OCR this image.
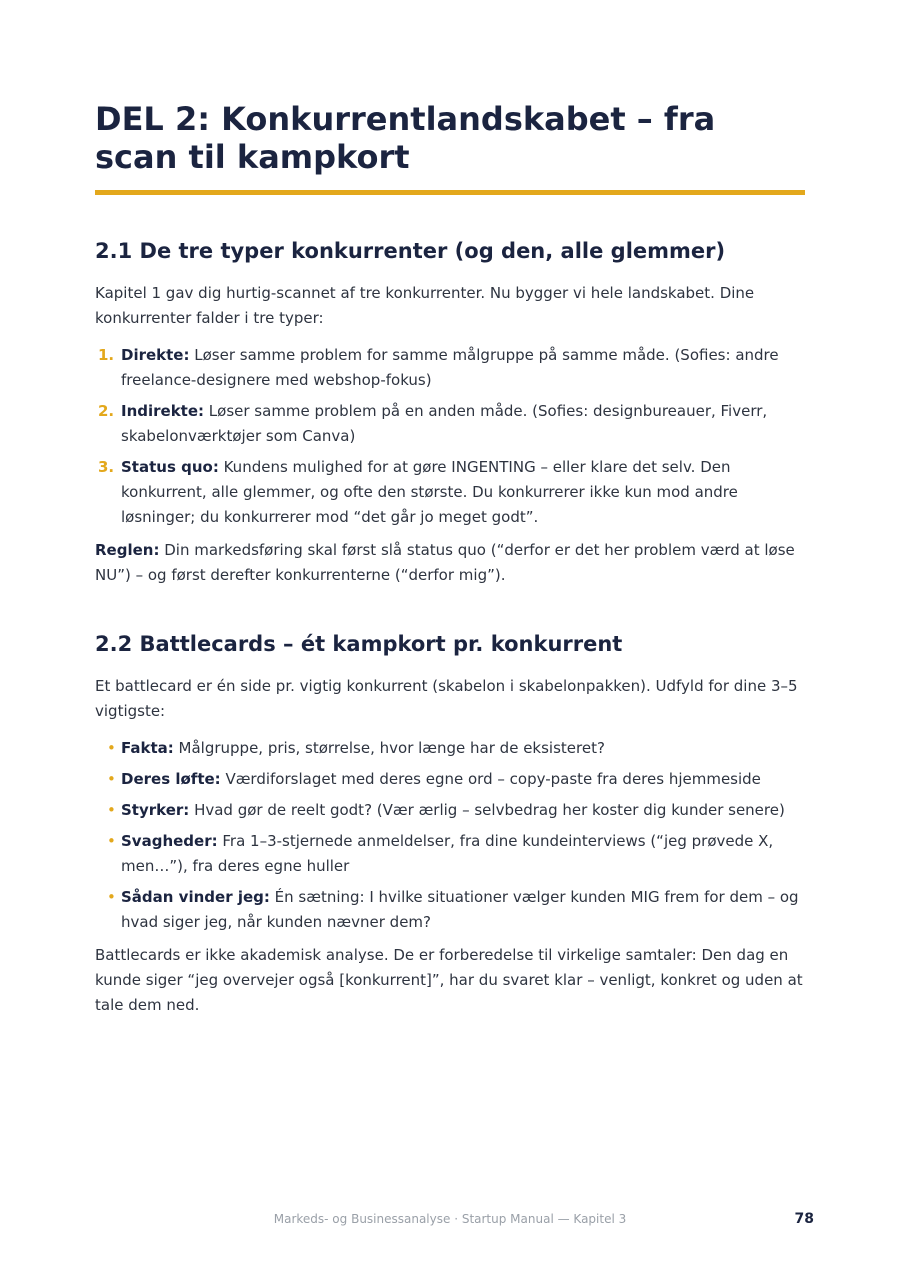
DEL 2: Konkurrentlandskabet – fra scan til kampkort
2.1 De tre typer konkurrenter (og den, alle glemmer)

Kapitel 1 gav dig hurtig-scannet af tre konkurrenter. Nu bygger vi hele landskabet. Dine konkurrenter falder i tre typer:

1. Direkte: Løser samme problem for samme målgruppe på samme måde. (Sofies: andre freelance-designere med webshop-fokus)
2. Indirekte: Løser samme problem på en anden måde. (Sofies: designbureauer, Fiverr, skabelonværktøjer som Canva)
3. Status quo: Kundens mulighed for at gøre INGENTING – eller klare det selv. Den konkurrent, alle glemmer, og ofte den største. Du konkurrerer ikke kun mod andre løsninger; du konkurrerer mod “det går jo meget godt”.

Reglen: Din markedsføring skal først slå status quo (“derfor er det her problem værd at løse NU”) – og først derefter konkurrenterne (“derfor mig”).

2.2 Battlecards – ét kampkort pr. konkurrent

Et battlecard er én side pr. vigtig konkurrent (skabelon i skabelonpakken). Udfyld for dine 3–5 vigtigste:

• Fakta: Målgruppe, pris, størrelse, hvor længe har de eksisteret?
• Deres løfte: Værdiforslaget med deres egne ord – copy-paste fra deres hjemmeside
• Styrker: Hvad gør de reelt godt? (Vær ærlig – selvbedrag her koster dig kunder senere)
• Svagheder: Fra 1–3-stjernede anmeldelser, fra dine kundeinterviews (“jeg prøvede X, men…”), fra deres egne huller
• Sådan vinder jeg: Én sætning: I hvilke situationer vælger kunden MIG frem for dem – og hvad siger jeg, når kunden nævner dem?

Battlecards er ikke akademisk analyse. De er forberedelse til virkelige samtaler: Den dag en kunde siger “jeg overvejer også [konkurrent]”, har du svaret klar – venligt, konkret og uden at tale dem ned.

Markeds- og Businessanalyse · Startup Manual — Kapitel 3	78
